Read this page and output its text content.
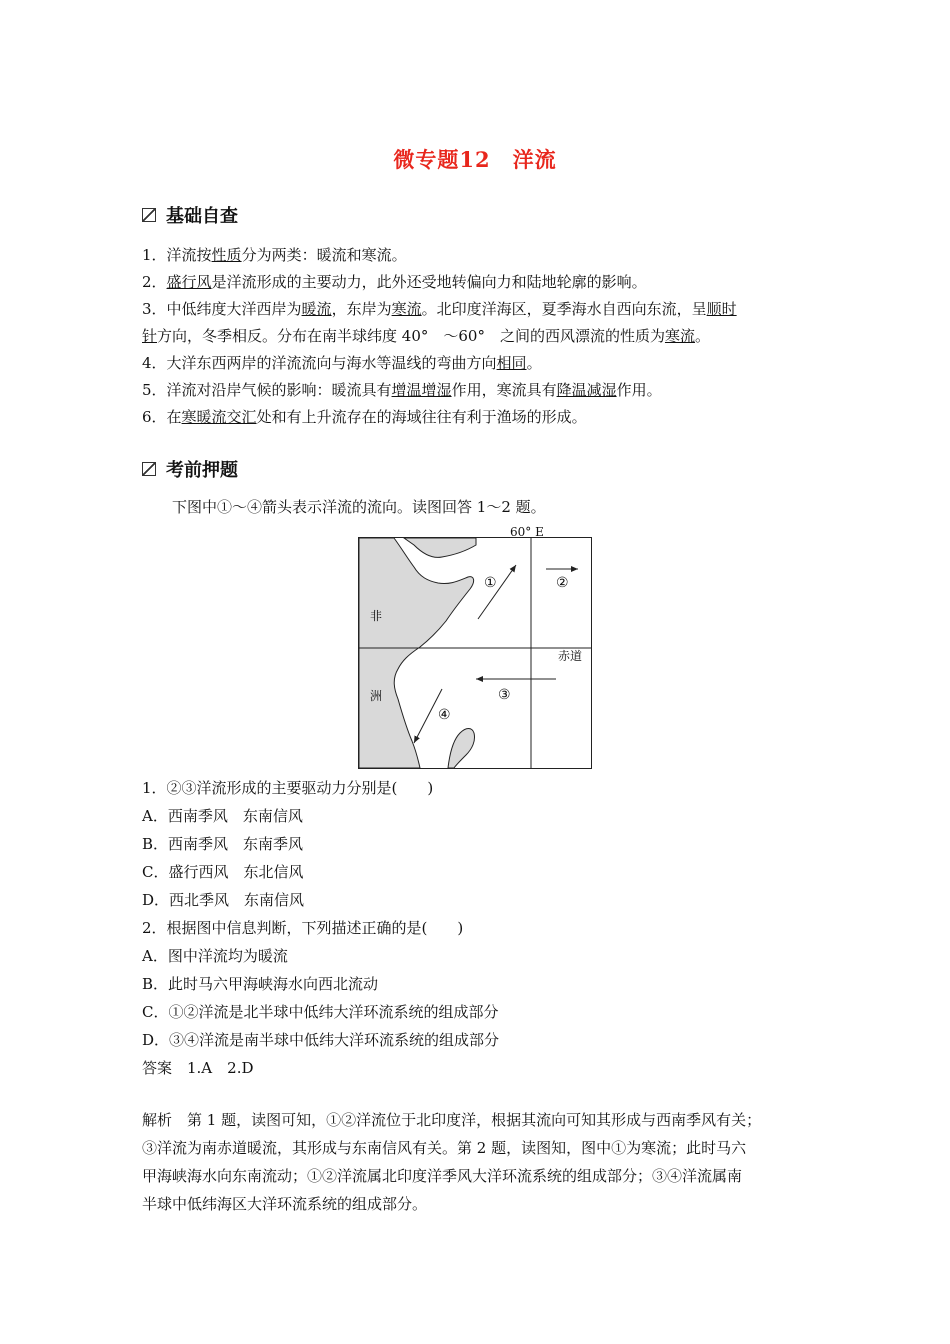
微专题12　洋流
基础自查
1．洋流按性质分为两类：暖流和寒流。
2．盛行风是洋流形成的主要动力，此外还受地转偏向力和陆地轮廓的影响。
3．中低纬度大洋西岸为暖流，东岸为寒流。北印度洋海区，夏季海水自西向东流，呈顺时
针方向，冬季相反。分布在南半球纬度 40°　～60°　之间的西风漂流的性质为寒流。
4．大洋东西两岸的洋流流向与海水等温线的弯曲方向相同。
5．洋流对沿岸气候的影响：暖流具有增温增湿作用，寒流具有降温减湿作用。
6．在寒暖流交汇处和有上升流存在的海域往往有利于渔场的形成。
考前押题
下图中①～④箭头表示洋流的流向。读图回答 1～2 题。
60° E
赤道
非
洲
①	②
③
④
1．②③洋流形成的主要驱动力分别是(　　)
A．西南季风　东南信风
B．西南季风　东南季风
C．盛行西风　东北信风
D．西北季风　东南信风
2．根据图中信息判断，下列描述正确的是(　　)
A．图中洋流均为暖流
B．此时马六甲海峡海水向西北流动
C．①②洋流是北半球中低纬大洋环流系统的组成部分
D．③④洋流是南半球中低纬大洋环流系统的组成部分
答案　1.A　2.D
解析　第 1 题，读图可知，①②洋流位于北印度洋，根据其流向可知其形成与西南季风有关；
③洋流为南赤道暖流，其形成与东南信风有关。第 2 题，读图知，图中①为寒流；此时马六
甲海峡海水向东南流动；①②洋流属北印度洋季风大洋环流系统的组成部分；③④洋流属南
半球中低纬海区大洋环流系统的组成部分。
